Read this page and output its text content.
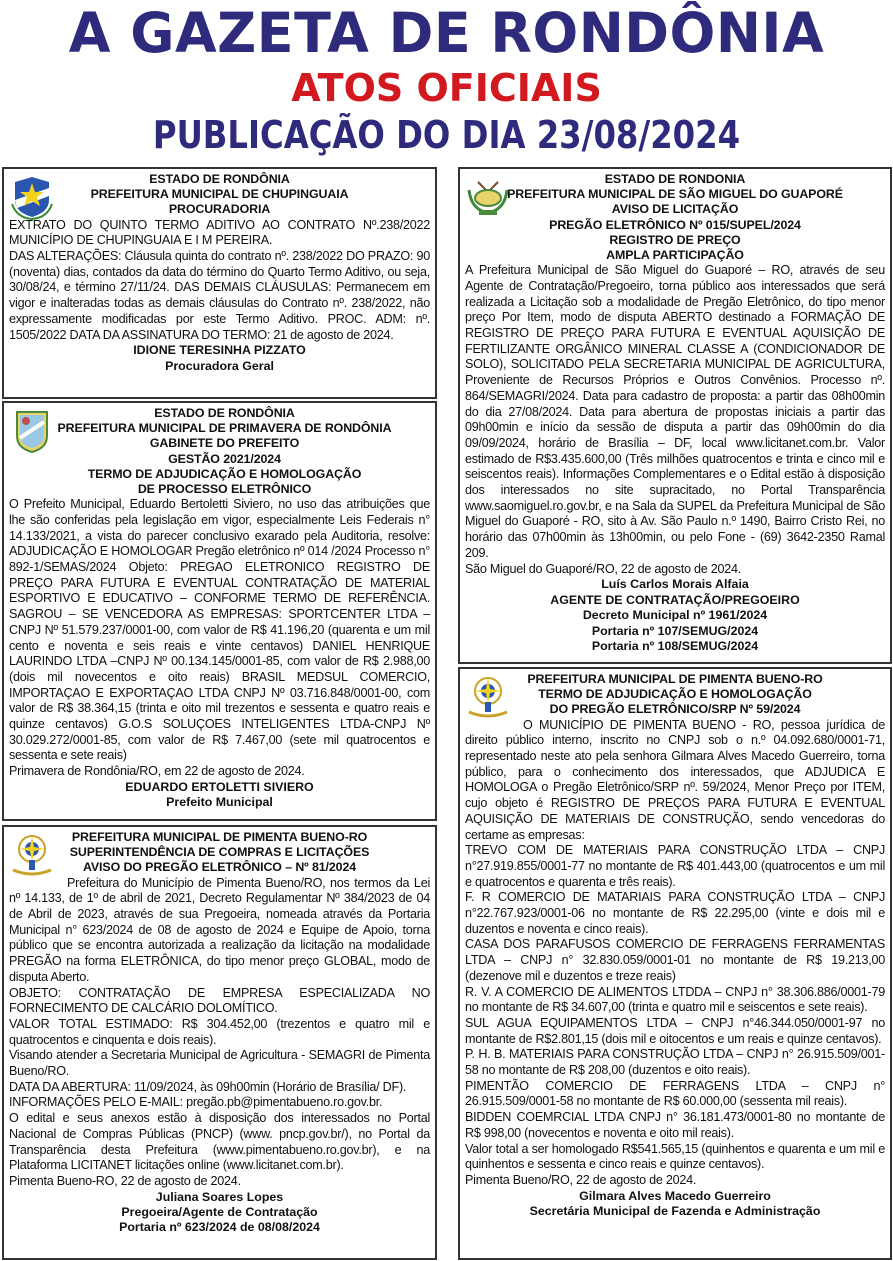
A GAZETA DE RONDÔNIA
ATOS OFICIAIS
PUBLICAÇÃO DO DIA 23/08/2024
ESTADO DE RONDÔNIA
PREFEITURA MUNICIPAL DE CHUPINGUAIA
PROCURADORIA

EXTRATO DO QUINTO TERMO ADITIVO AO CONTRATO Nº.238/2022 MUNICÍPIO DE CHUPINGUAIA E I M PEREIRA.

DAS ALTERAÇÕES: Cláusula quinta do contrato nº. 238/2022 DO PRAZO: 90 (noventa) dias, contados da data do término do Quarto Termo Aditivo, ou seja, 30/08/24, e término 27/11/24. DAS DEMAIS CLÁUSULAS: Permanecem em vigor e inalteradas todas as demais cláusulas do Contrato nº. 238/2022, não expressamente modificadas por este Termo Aditivo. PROC. ADM: nº. 1505/2022 DATA DA ASSINATURA DO TERMO: 21 de agosto de 2024.

IDIONE TERESINHA PIZZATO
Procuradora Geral
ESTADO DE RONDÔNIA
PREFEITURA MUNICIPAL DE PRIMAVERA DE RONDÔNIA
GABINETE DO PREFEITO
GESTÃO 2021/2024
TERMO DE ADJUDICAÇÃO E HOMOLOGAÇÃO
DE PROCESSO ELETRÔNICO

O Prefeito Municipal, Eduardo Bertoletti Siviero, no uso das atribuições que lhe são conferidas pela legislação em vigor, especialmente Leis Federais n° 14.133/2021, a vista do parecer conclusivo exarado pela Auditoria, resolve: ADJUDICAÇÃO E HOMOLOGAR Pregão eletrônico nº 014 /2024 Processo n° 892-1/SEMAS/2024 Objeto: PREGAO ELETRONICO REGISTRO DE PREÇO PARA FUTURA E EVENTUAL CONTRATAÇÃO DE MATERIAL ESPORTIVO E EDUCATIVO – CONFORME TERMO DE REFERÊNCIA. SAGROU – SE VENCEDORA AS EMPRESAS: SPORTCENTER LTDA – CNPJ Nº 51.579.237/0001-00, com valor de R$ 41.196,20 (quarenta e um mil cento e noventa e seis reais e vinte centavos) DANIEL HENRIQUE LAURINDO LTDA –CNPJ Nº 00.134.145/0001-85, com valor de R$ 2.988,00 (dois mil novecentos e oito reais) BRASIL MEDSUL COMERCIO, IMPORTAÇAO E EXPORTAÇAO LTDA CNPJ Nº 03.716.848/0001-00, com valor de R$ 38.364,15 (trinta e oito mil trezentos e sessenta e quatro reais e quinze centavos) G.O.S SOLUÇOES INTELIGENTES LTDA-CNPJ Nº 30.029.272/0001-85, com valor de R$ 7.467,00 (sete mil quatrocentos e sessenta e sete reais)

Primavera de Rondônia/RO, em 22 de agosto de 2024.

EDUARDO ERTOLETTI SIVIERO
Prefeito Municipal
PREFEITURA MUNICIPAL DE PIMENTA BUENO-RO
SUPERINTENDÊNCIA DE COMPRAS E LICITAÇÕES
AVISO DO PREGÃO ELETRÔNICO – Nº 81/2024

Prefeitura do Município de Pimenta Bueno/RO, nos termos da Lei nº 14.133, de 1º de abril de 2021, Decreto Regulamentar Nº 384/2023 de 04 de Abril de 2023, através de sua Pregoeira, nomeada através da Portaria Municipal n° 623/2024 de 08 de agosto de 2024 e Equipe de Apoio, torna público que se encontra autorizada a realização da licitação na modalidade PREGÃO na forma ELETRÔNICA, do tipo menor preço GLOBAL, modo de disputa Aberto.

OBJETO: CONTRATAÇÃO DE EMPRESA ESPECIALIZADA NO FORNECIMENTO DE CALCÁRIO DOLOMÍTICO.

VALOR TOTAL ESTIMADO: R$ 304.452,00 (trezentos e quatro mil e quatrocentos e cinquenta e dois reais).

Visando atender a Secretaria Municipal de Agricultura - SEMAGRI de Pimenta Bueno/RO.

DATA DA ABERTURA: 11/09/2024, às 09h00min (Horário de Brasília/ DF).

INFORMAÇÕES PELO E-MAIL: pregão.pb@pimentabueno.ro.gov.br.

O edital e seus anexos estão à disposição dos interessados no Portal Nacional de Compras Públicas (PNCP) (www. pncp.gov.br/), no Portal da Transparência desta Prefeitura (www.pimentabueno.ro.gov.br), e na Plataforma LICITANET licitações online (www.licitanet.com.br).

Pimenta Bueno-RO, 22 de agosto de 2024.

Juliana Soares Lopes
Pregoeira/Agente de Contratação
Portaria nº 623/2024 de 08/08/2024
ESTADO DE RONDONIA
PREFEITURA MUNICIPAL DE SÃO MIGUEL DO GUAPORÉ
AVISO DE LICITAÇÃO
PREGÃO ELETRÔNICO Nº 015/SUPEL/2024
REGISTRO DE PREÇO
AMPLA PARTICIPAÇÃO

A Prefeitura Municipal de São Miguel do Guaporé – RO, através de seu Agente de Contratação/Pregoeiro, torna público aos interessados que será realizada a Licitação sob a modalidade de Pregão Eletrônico, do tipo menor preço Por Item, modo de disputa ABERTO destinado a FORMAÇÃO DE REGISTRO DE PREÇO PARA FUTURA E EVENTUAL AQUISIÇÃO DE FERTILIZANTE ORGÂNICO MINERAL CLASSE A (CONDICIONADOR DE SOLO), SOLICITADO PELA SECRETARIA MUNICIPAL DE AGRICULTURA, Proveniente de Recursos Próprios e Outros Convênios. Processo nº. 864/SEMAGRI/2024. Data para cadastro de proposta: a partir das 08h00min do dia 27/08/2024. Data para abertura de propostas iniciais a partir das 09h00min e início da sessão de disputa a partir das 09h00min do dia 09/09/2024, horário de Brasília – DF, local www.licitanet.com.br. Valor estimado de R$3.435.600,00 (Três milhões quatrocentos e trinta e cinco mil e seiscentos reais). Informações Complementares e o Edital estão à disposição dos interessados no site supracitado, no Portal Transparência www.saomiguel.ro.gov.br, e na Sala da SUPEL da Prefeitura Municipal de São Miguel do Guaporé - RO, sito à Av. São Paulo n.º 1490, Bairro Cristo Rei, no horário das 07h00min às 13h00min, ou pelo Fone - (69) 3642-2350 Ramal 209.

São Miguel do Guaporé/RO, 22 de agosto de 2024.

Luís Carlos Morais Alfaia
AGENTE DE CONTRATAÇÃO/PREGOEIRO
Decreto Municipal nº 1961/2024
Portaria nº 107/SEMUG/2024
Portaria nº 108/SEMUG/2024
PREFEITURA MUNICIPAL DE PIMENTA BUENO-RO
TERMO DE ADJUDICAÇÃO E HOMOLOGAÇÃO
DO PREGÃO ELETRÔNICO/SRP Nº 59/2024

O MUNICÍPIO DE PIMENTA BUENO - RO, pessoa jurídica de direito público interno, inscrito no CNPJ sob o n.º 04.092.680/0001-71, representado neste ato pela senhora Gilmara Alves Macedo Guerreiro, torna público, para o conhecimento dos interessados, que ADJUDICA E HOMOLOGA o Pregão Eletrônico/SRP nº. 59/2024, Menor Preço por ITEM, cujo objeto é REGISTRO DE PREÇOS PARA FUTURA E EVENTUAL AQUISIÇÃO DE MATERIAIS DE CONSTRUÇÃO, sendo vencedoras do certame as empresas:

TREVO COM DE MATERIAIS PARA CONSTRUÇÃO LTDA – CNPJ n°27.919.855/0001-77 no montante de R$ 401.443,00 (quatrocentos e um mil e quatrocentos e quarenta e três reais).

F. R COMERCIO DE MATARIAIS PARA CONSTRUÇÃO LTDA – CNPJ n°22.767.923/0001-06 no montante de R$ 22.295,00 (vinte e dois mil e duzentos e noventa e cinco reais).

CASA DOS PARAFUSOS COMERCIO DE FERRAGENS FERRAMENTAS LTDA – CNPJ n° 32.830.059/0001-01 no montante de R$ 19.213,00 (dezenove mil e duzentos e treze reais)

R. V. A COMERCIO DE ALIMENTOS LTDDA – CNPJ n° 38.306.886/0001-79 no montante de R$ 34.607,00 (trinta e quatro mil e seiscentos e sete reais).

SUL AGUA EQUIPAMENTOS LTDA – CNPJ n°46.344.050/0001-97 no montante de R$2.801,15 (dois mil e oitocentos e um reais e quinze centavos).

P. H. B. MATERIAIS PARA CONSTRUÇÃO LTDA – CNPJ n° 26.915.509/001-58 no montante de R$ 208,00 (duzentos e oito reais).

PIMENTÃO COMERCIO DE FERRAGENS LTDA – CNPJ n° 26.915.509/0001-58 no montante de R$ 60.000,00 (sessenta mil reais).

BIDDEN COEMRCIAL LTDA CNPJ n° 36.181.473/0001-80 no montante de R$ 998,00 (novecentos e noventa e oito mil reais).

Valor total a ser homologado R$541.565,15 (quinhentos e quarenta e um mil e quinhentos e sessenta e cinco reais e quinze centavos).

Pimenta Bueno/RO, 22 de agosto de 2024.

Gilmara Alves Macedo Guerreiro
Secretária Municipal de Fazenda e Administração
